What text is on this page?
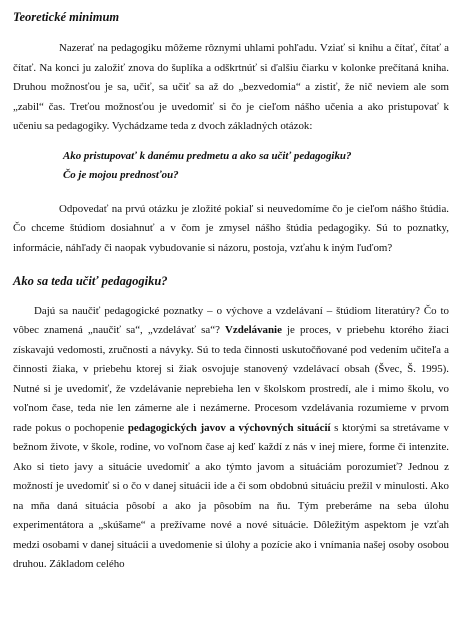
Teoretické minimum

Nazerať na pedagogiku môžeme rôznymi uhlami pohľadu. Vziať si knihu a čítať, čítať a čítať. Na konci ju založiť znova do šuplíka a odškrtnúť si ďalšiu čiarku v kolonke prečítaná kniha. Druhou možnosťou je sa, učiť, sa učiť sa až do „bezvedomia“ a zistiť, že nič neviem ale som „zabil“ čas. Treťou možnosťou je uvedomiť si čo je cieľom nášho učenia a ako pristupovať k učeniu sa pedagogiky. Vychádzame teda z dvoch základných otázok:

Ako pristupovať k danému predmetu a ako sa učiť pedagogiku?
Čo je mojou prednosťou?

Odpovedať na prvú otázku je zložité pokiaľ si neuvedomíme čo je cieľom nášho štúdia. Čo chceme štúdiom dosiahnuť a v čom je zmysel nášho štúdia pedagogiky. Sú to poznatky, informácie, náhľady či naopak vybudovanie si názoru, postoja, vzťahu k iným ľuďom?

Ako sa teda učiť pedagogiku?

Dajú sa naučiť pedagogické poznatky – o výchove a vzdelávaní – štúdiom literatúry? Čo to vôbec znamená „naučiť sa“, „vzdelávať sa“? Vzdelávanie je proces, v priebehu ktorého žiaci získavajú vedomosti, zručnosti a návyky. Sú to teda činnosti uskutočňované pod vedením učiteľa a činnosti žiaka, v priebehu ktorej si žiak osvojuje stanovený vzdelávací obsah (Švec, Š. 1995). Nutné si je uvedomiť, že vzdelávanie neprebieha len v školskom prostredí, ale i mimo školu, vo voľnom čase, teda nie len zámerne ale i nezámerne. Procesom vzdelávania rozumieme v prvom rade pokus o pochopenie pedagogických javov a výchovných situácií s ktorými sa stretávame v bežnom živote, v škole, rodine, vo voľnom čase aj keď každí z nás v inej miere, forme či intenzite. Ako si tieto javy a situácie uvedomiť a ako týmto javom a situáciám porozumieť? Jednou z možností je uvedomiť si o čo v danej situácii ide a či som obdobnú situáciu prežil v minulosti. Ako na mňa daná situácia pôsobí a ako ja pôsobím na ňu. Tým preberáme na seba úlohu experimentátora a „skúšame“ a prežívame nové a nové situácie. Dôležitým aspektom je vzťah medzi osobami v danej situácii a uvedomenie si úlohy a pozície ako i vnímania našej osoby osobou druhou. Základom celého
